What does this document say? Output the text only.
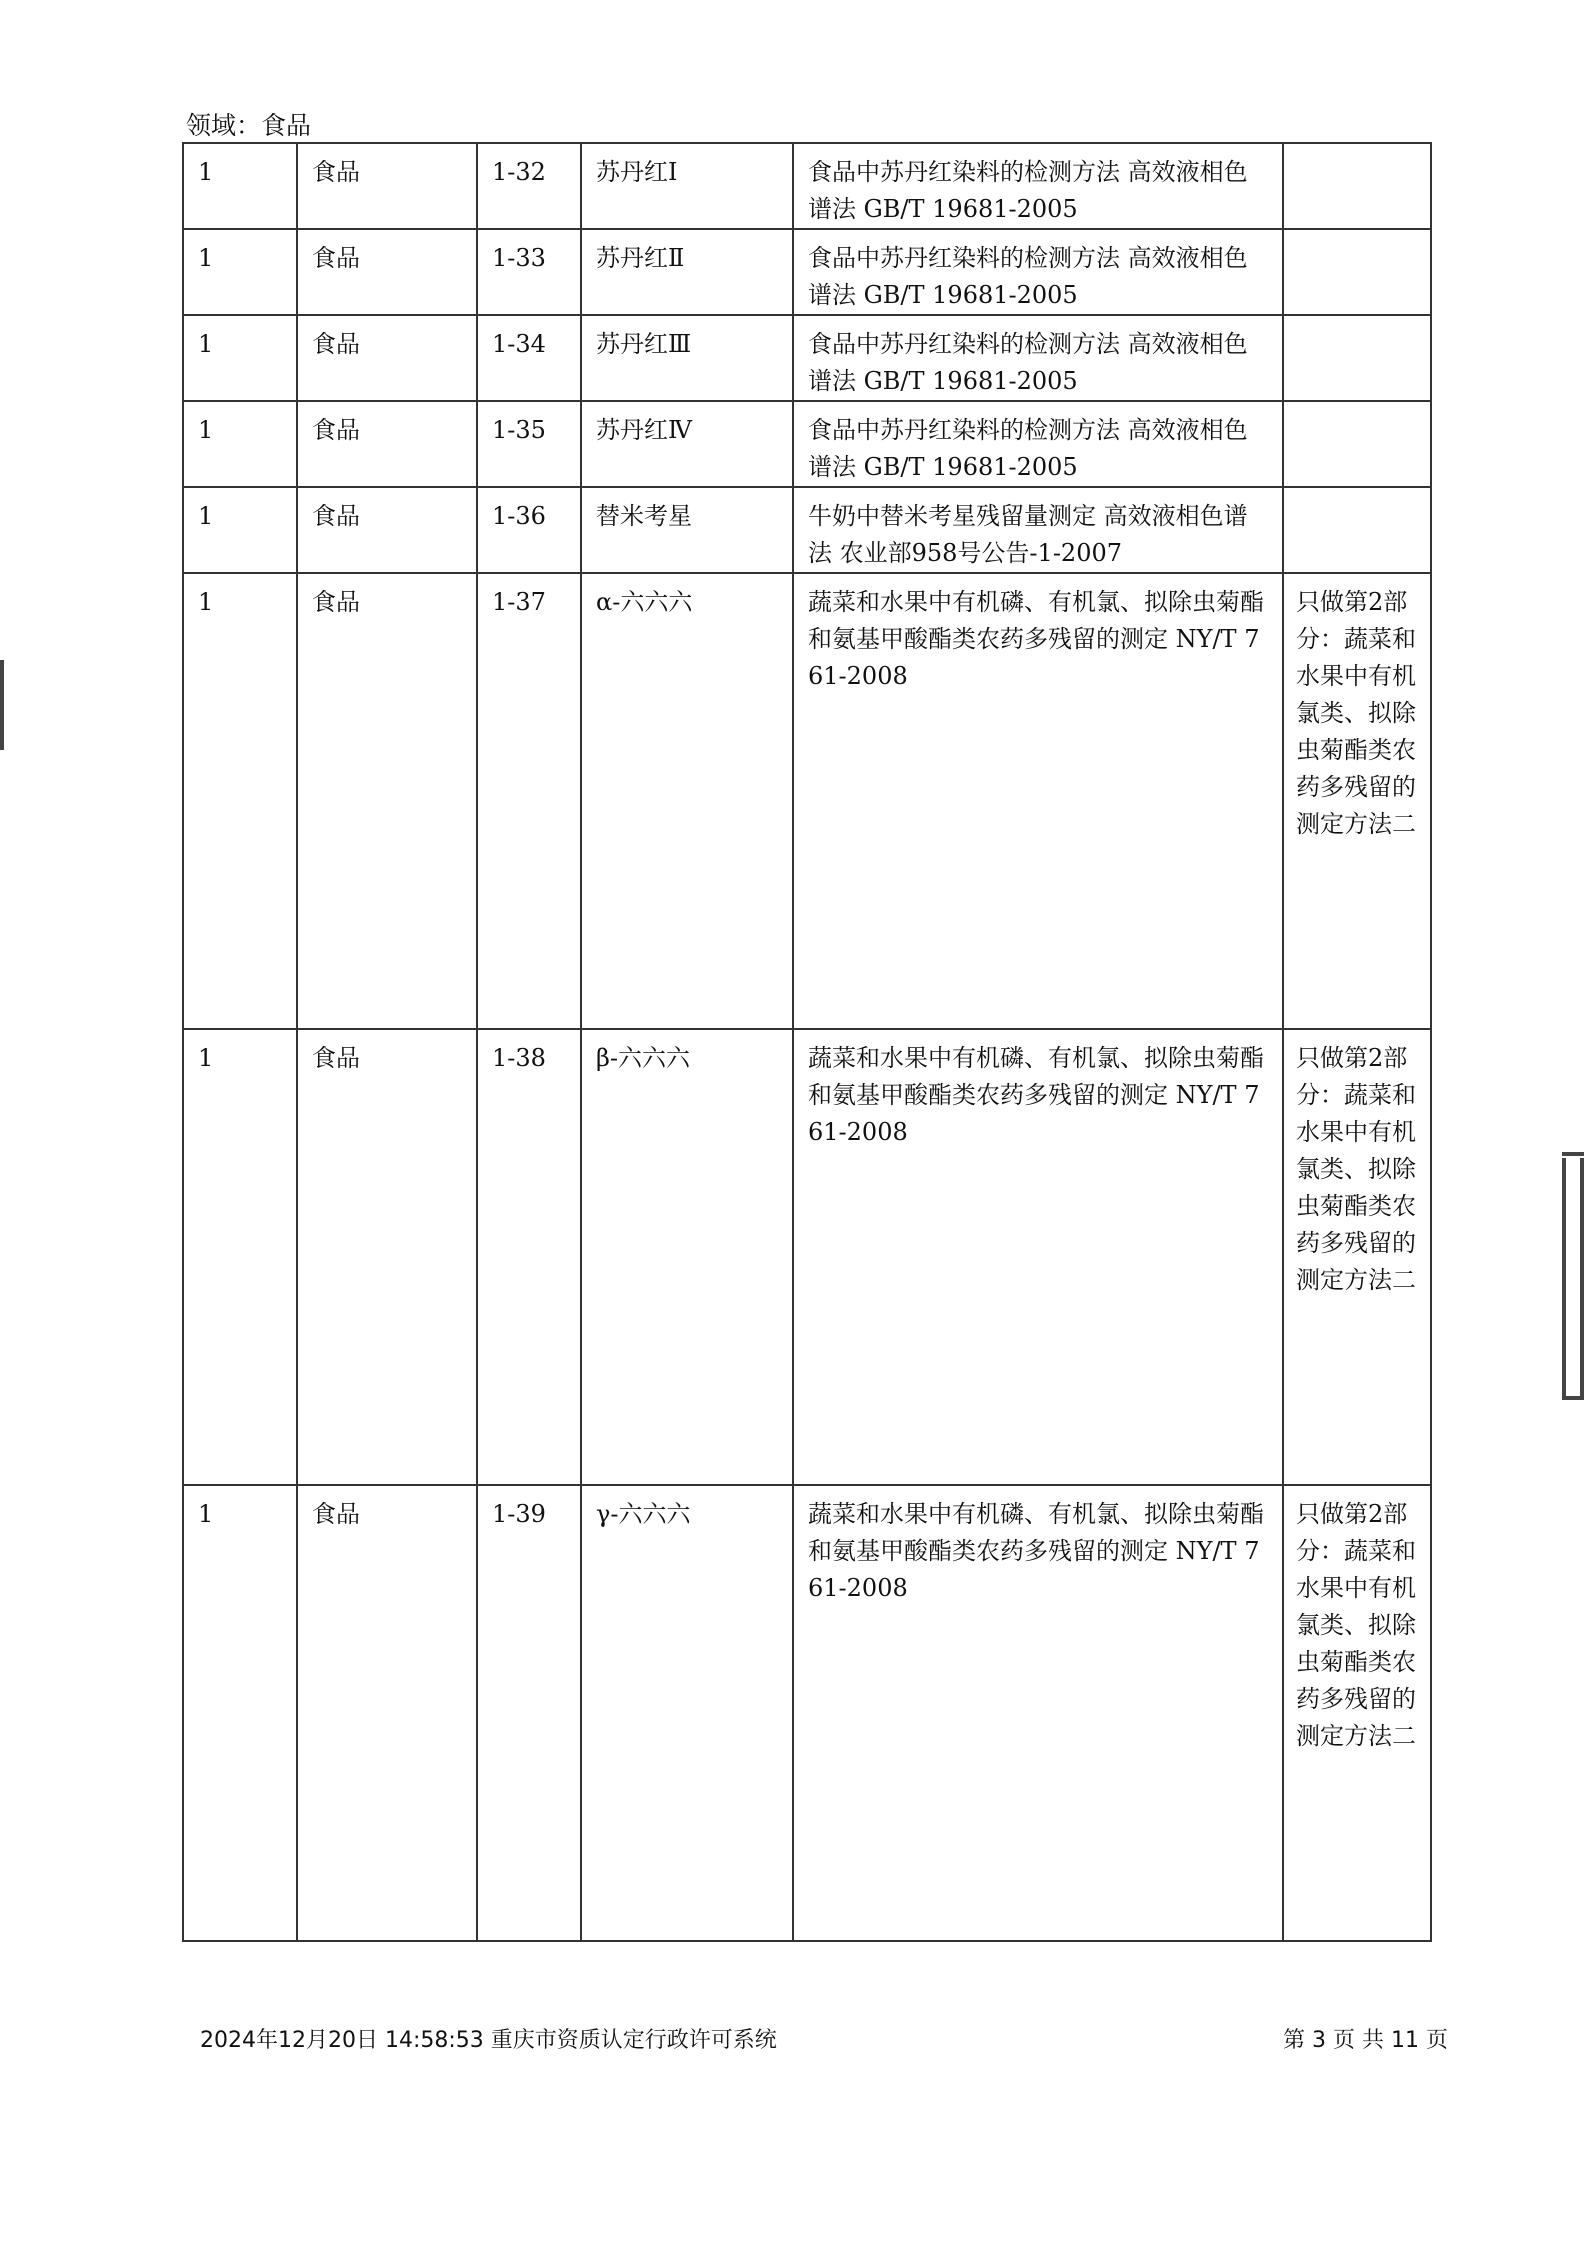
领域：食品
1	食品	1-32	苏丹红Ⅰ	食品中苏丹红染料的检测方法 高效液相色谱法 GB/T 19681-2005	
1	食品	1-33	苏丹红Ⅱ	食品中苏丹红染料的检测方法 高效液相色谱法 GB/T 19681-2005	
1	食品	1-34	苏丹红Ⅲ	食品中苏丹红染料的检测方法 高效液相色谱法 GB/T 19681-2005	
1	食品	1-35	苏丹红Ⅳ	食品中苏丹红染料的检测方法 高效液相色谱法 GB/T 19681-2005	
1	食品	1-36	替米考星	牛奶中替米考星残留量测定 高效液相色谱法 农业部958号公告-1-2007	
1	食品	1-37	α-六六六	蔬菜和水果中有机磷、有机氯、拟除虫菊酯和氨基甲酸酯类农药多残留的测定 NY/T 761-2008	只做第2部分：蔬菜和水果中有机氯类、拟除虫菊酯类农药多残留的测定方法二
1	食品	1-38	β-六六六	蔬菜和水果中有机磷、有机氯、拟除虫菊酯和氨基甲酸酯类农药多残留的测定 NY/T 761-2008	只做第2部分：蔬菜和水果中有机氯类、拟除虫菊酯类农药多残留的测定方法二
1	食品	1-39	γ-六六六	蔬菜和水果中有机磷、有机氯、拟除虫菊酯和氨基甲酸酯类农药多残留的测定 NY/T 761-2008	只做第2部分：蔬菜和水果中有机氯类、拟除虫菊酯类农药多残留的测定方法二
2024年12月20日 14:58:53 重庆市资质认定行政许可系统	第 3 页 共 11 页
